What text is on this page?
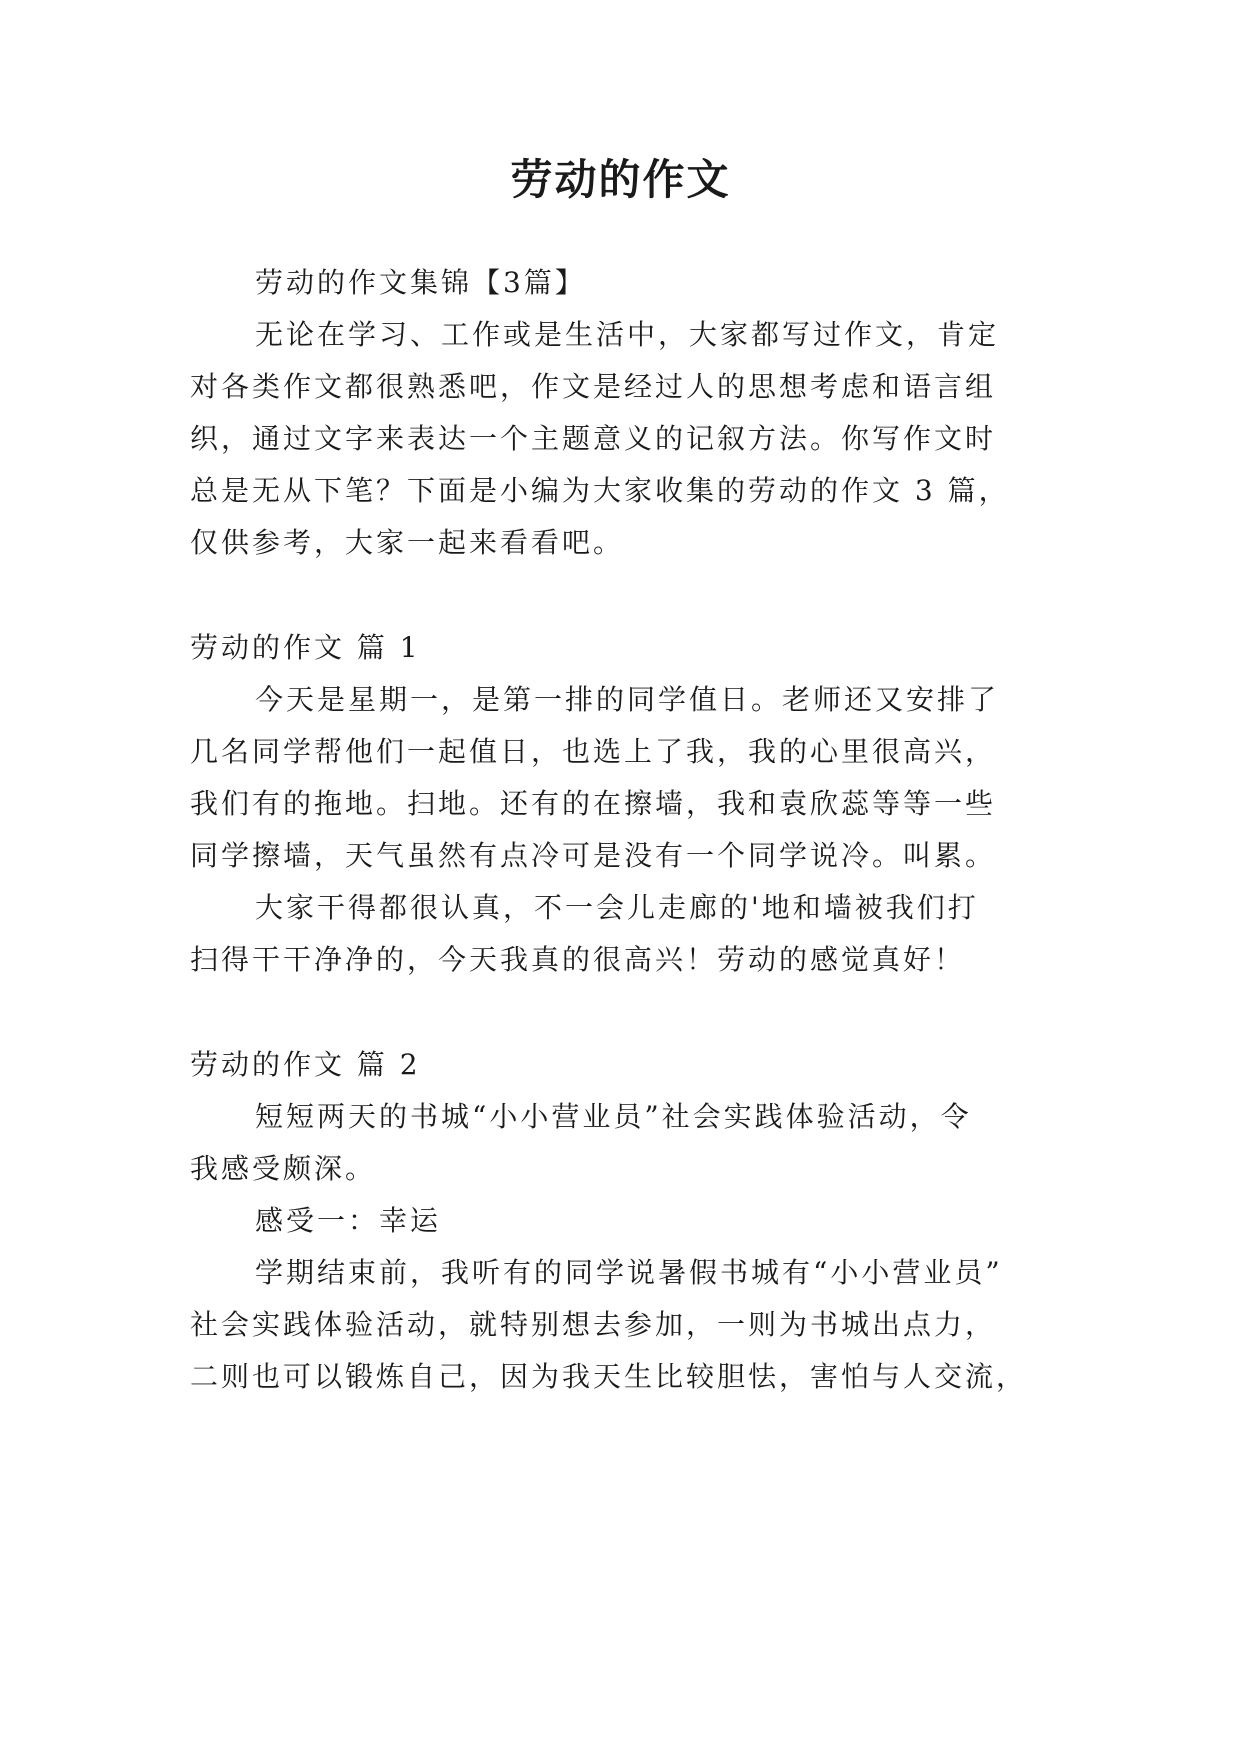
劳动的作文
劳动的作文集锦【3篇】
无论在学习、工作或是生活中，大家都写过作文，肯定
对各类作文都很熟悉吧，作文是经过人的思想考虑和语言组
织，通过文字来表达一个主题意义的记叙方法。你写作文时
总是无从下笔？下面是小编为大家收集的劳动的作文 3 篇，
仅供参考，大家一起来看看吧。
劳动的作文 篇 1
今天是星期一，是第一排的同学值日。老师还又安排了
几名同学帮他们一起值日，也选上了我，我的心里很高兴，
我们有的拖地。扫地。还有的在擦墙，我和袁欣蕊等等一些
同学擦墙，天气虽然有点冷可是没有一个同学说冷。叫累。
大家干得都很认真，不一会儿走廊的'地和墙被我们打
扫得干干净净的，今天我真的很高兴！劳动的感觉真好！
劳动的作文 篇 2
短短两天的书城“小小营业员”社会实践体验活动，令
我感受颇深。
感受一：幸运
学期结束前，我听有的同学说暑假书城有“小小营业员”
社会实践体验活动，就特别想去参加，一则为书城出点力，
二则也可以锻炼自己，因为我天生比较胆怯，害怕与人交流，
